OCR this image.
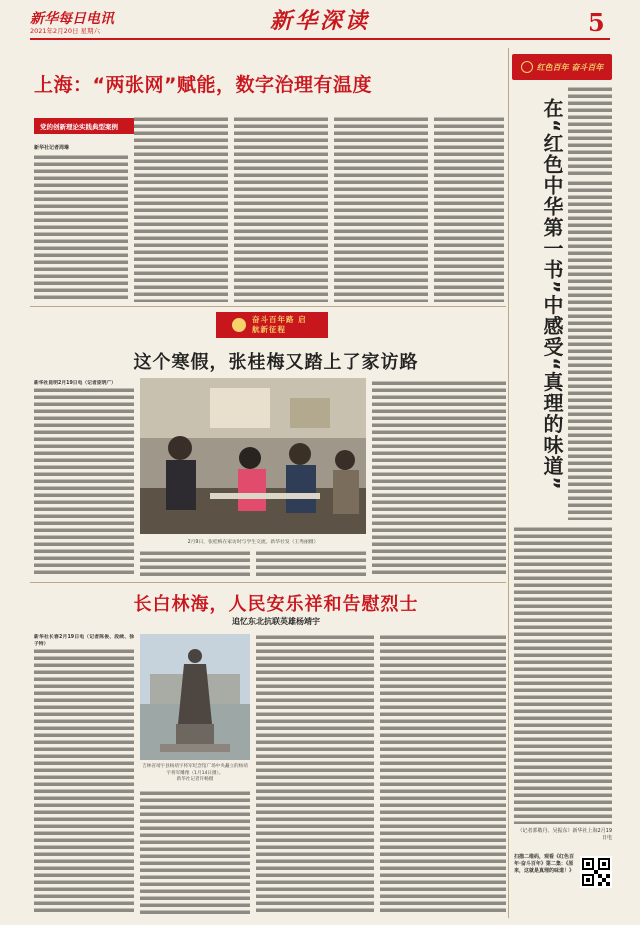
新华每日电讯
2021年2月20日 星期六	新华深读	5
红色百年 奋斗百年
上海：“两张网”赋能，数字治理有温度
党的创新理论实践典型案例
新华社记者周琳
奋斗百年路 启航新征程
这个寒假，张桂梅又踏上了家访路
新华社昆明2月19日电（记者庞明广）
2月9日，张桂梅在家访时与学生交流。新华社发（王秀丽摄）
长白林海，人民安乐祥和告慰烈士
追忆东北抗联英雄杨靖宇
新华社长春2月19日电（记者陈俊、段续、徐子特）
吉林省靖宇县杨靖宇将军纪念馆广场中央矗立的杨靖宇将军雕像（1月14日摄）。
新华社记者许畅摄
在“红色中华第一书”中感受“真理的味道”
（记者郭敬丹、吴振东）新华社上海2月19日电
扫描二维码，观看《红色百年·奋斗百年》第二集：《原来，这就是真理的味道！》
